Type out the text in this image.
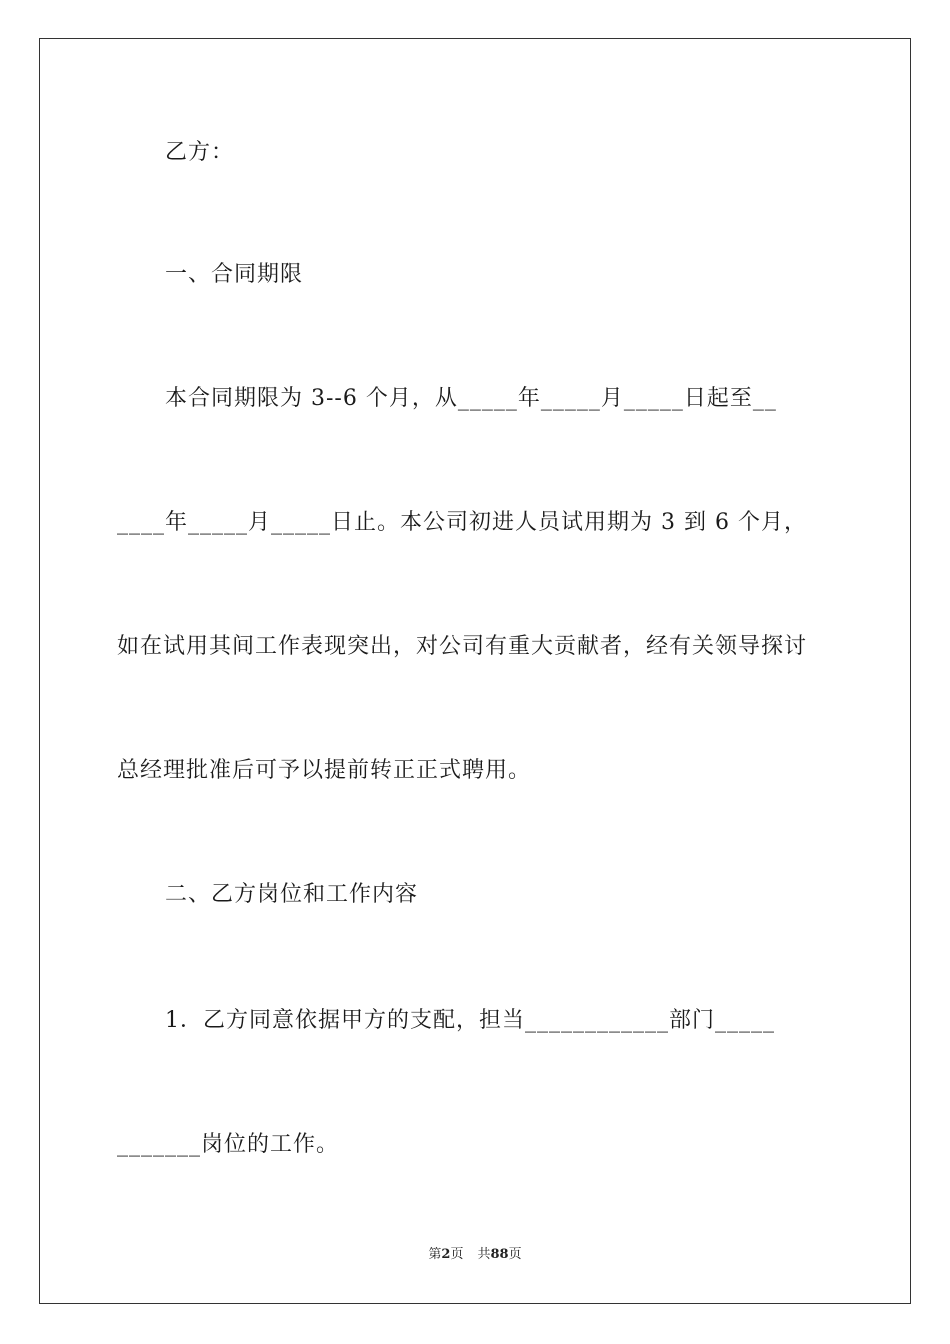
乙方：
一、合同期限
本合同期限为 3--6 个月，从_____年_____月_____日起至__
____年_____月_____日止。本公司初进人员试用期为 3 到 6 个月，
如在试用其间工作表现突出，对公司有重大贡献者，经有关领导探讨
总经理批准后可予以提前转正正式聘用。
二、乙方岗位和工作内容
1．乙方同意依据甲方的支配，担当____________部门_____
_______岗位的工作。
第2页 共88页
